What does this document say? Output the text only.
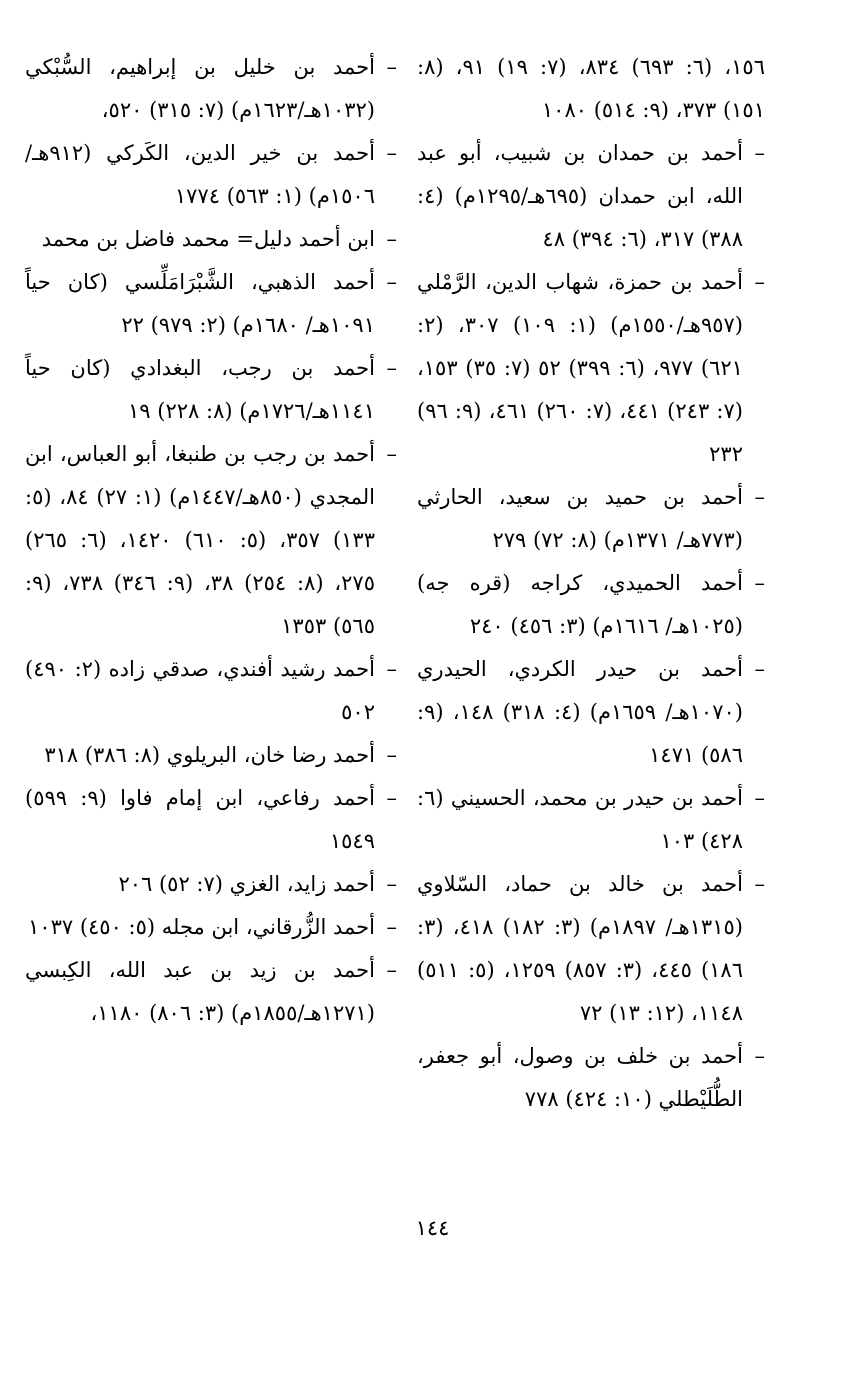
١٥٦، (٦: ٦٩٣) ٨٣٤، (٧: ١٩) ٩١، (٨: ١٥١) ٣٧٣، (٩: ٥١٤) ١٠٨٠

–
أحمد بن حمدان بن شبيب، أبو عبد الله، ابن حمدان (٦٩٥هـ/١٢٩٥م) (٤: ٣٨٨) ٣١٧، (٦: ٣٩٤) ٤٨

–
أحمد بن حمزة، شهاب الدين، الرَّمْلي (٩٥٧هـ/١٥٥٠م) (١: ١٠٩) ٣٠٧، (٢: ٦٢١) ٩٧٧، (٦: ٣٩٩) ٥٢ (٧: ٣٥) ١٥٣، (٧: ٢٤٣) ٤٤١، (٧: ٢٦٠) ٤٦١، (٩: ٩٦) ٢٣٢

–
أحمد بن حميد بن سعيد، الحارثي (٧٧٣هـ/ ١٣٧١م) (٨: ٧٢) ٢٧٩

–
أحمد الحميدي، كراجه (قره جه) (١٠٢٥هـ/ ١٦١٦م) (٣: ٤٥٦) ٢٤٠

–
أحمد بن حيدر الكردي، الحيدري (١٠٧٠هـ/ ١٦٥٩م) (٤: ٣١٨) ١٤٨، (٩: ٥٨٦) ١٤٧١

–
أحمد بن حيدر بن محمد، الحسيني (٦: ٤٢٨) ١٠٣

–
أحمد بن خالد بن حماد، السّلاوي (١٣١٥هـ/ ١٨٩٧م) (٣: ١٨٢) ٤١٨، (٣: ١٨٦) ٤٤٥، (٣: ٨٥٧) ١٢٥٩، (٥: ٥١١) ١١٤٨، (١٢: ١٣) ٧٢

–
أحمد بن خلف بن وصول، أبو جعفر، الطُّلَيْطلي (١٠: ٤٢٤) ٧٧٨

–
أحمد بن خليل بن إبراهيم، السُّبْكي (١٠٣٢هـ/١٦٢٣م) (٧: ٣١٥) ٥٢٠،

–
أحمد بن خير الدين، الكَركي (٩١٢هـ/ ١٥٠٦م) (١: ٥٦٣) ١٧٧٤

–
ابن أحمد دليل= محمد فاضل بن محمد

–
أحمد الذهبي، الشَّبْرَامَلِّسي (كان حياً ١٠٩١هـ/ ١٦٨٠م) (٢: ٩٧٩) ٢٢

–
أحمد بن رجب، البغدادي (كان حياً ١١٤١هـ/١٧٢٦م) (٨: ٢٢٨) ١٩

–
أحمد بن رجب بن طنبغا، أبو العباس، ابن المجدي (٨٥٠هـ/١٤٤٧م) (١: ٢٧) ٨٤، (٥: ١٣٣) ٣٥٧، (٥: ٦١٠) ١٤٢٠، (٦: ٢٦٥) ٢٧٥، (٨: ٢٥٤) ٣٨، (٩: ٣٤٦) ٧٣٨، (٩: ٥٦٥) ١٣٥٣

–
أحمد رشيد أفندي، صدقي زاده (٢: ٤٩٠) ٥٠٢

–
أحمد رضا خان، البريلوي (٨: ٣٨٦) ٣١٨

–
أحمد رفاعي، ابن إمام فاوا (٩: ٥٩٩) ١٥٤٩

–
أحمد زايد، الغزي (٧: ٥٢) ٢٠٦

–
أحمد الزُّرقاني، ابن مجله (٥: ٤٥٠) ١٠٣٧

–
أحمد بن زيد بن عبد الله، الكِبسي (١٢٧١هـ/١٨٥٥م) (٣: ٨٠٦) ١١٨٠،

١٤٤
